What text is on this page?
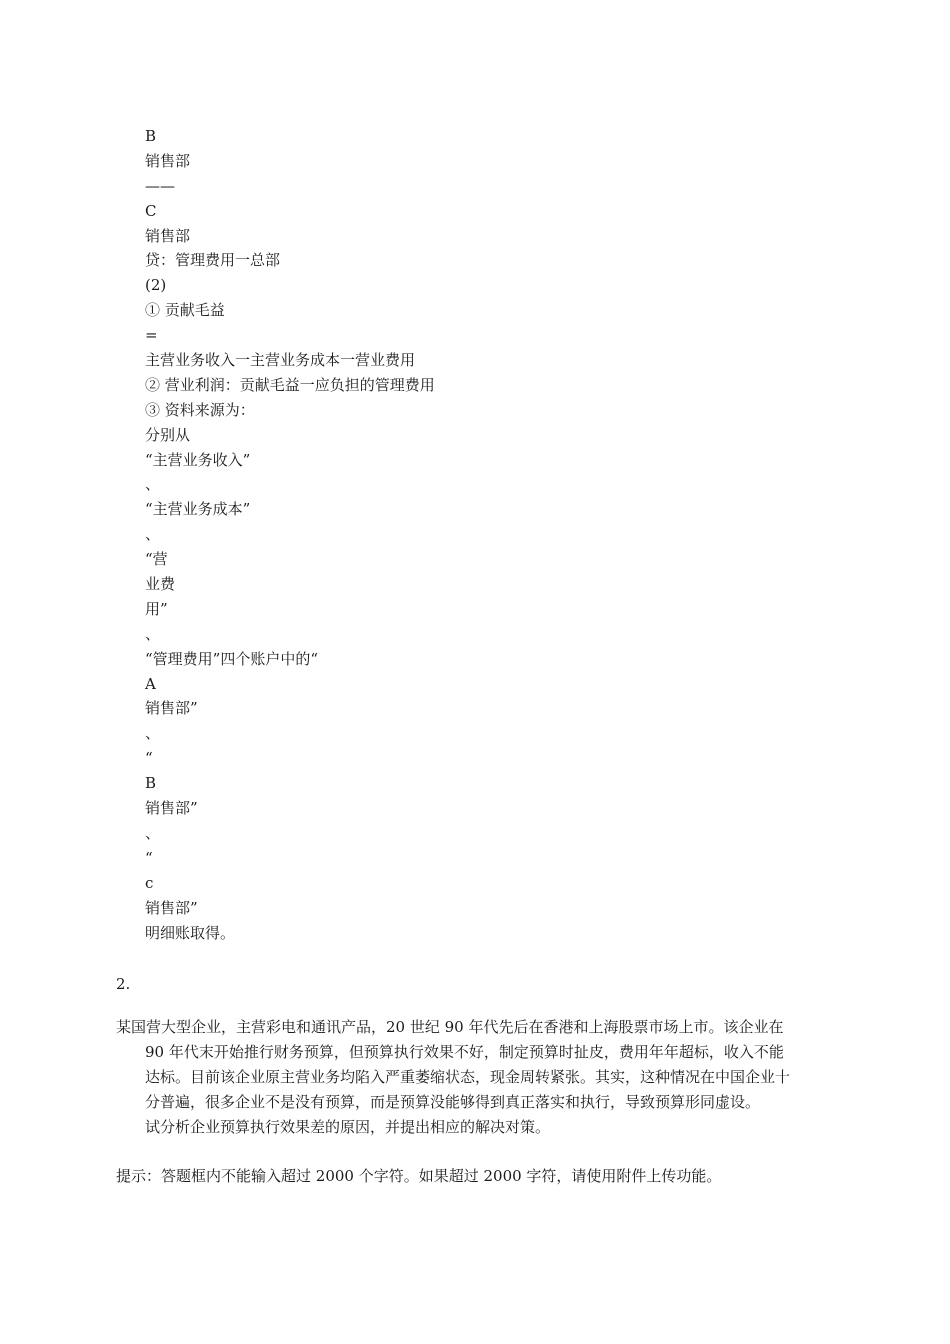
B
销售部
——
C
销售部
贷：管理费用一总部
(2)
① 贡献毛益
=
主营业务收入一主营业务成本一营业费用
② 营业利润：贡献毛益一应负担的管理费用
③ 资料来源为：
分别从
“主营业务收入”
、
“主营业务成本”
、
“营
业费
用”
、
“管理费用”四个账户中的“
A
销售部”
、
“
B
销售部”
、
“
c
销售部”
明细账取得。
2.
某国营大型企业，主营彩电和通讯产品，20 世纪 90 年代先后在香港和上海股票市场上市。该企业在
90 年代末开始推行财务预算，但预算执行效果不好，制定预算时扯皮，费用年年超标，收入不能
达标。目前该企业原主营业务均陷入严重萎缩状态，现金周转紧张。其实，这种情况在中国企业十
分普遍，很多企业不是没有预算，而是预算没能够得到真正落实和执行，导致预算形同虚设。
试分析企业预算执行效果差的原因，并提出相应的解决对策。
提示：答题框内不能输入超过 2000 个字符。如果超过 2000 字符，请使用附件上传功能。
